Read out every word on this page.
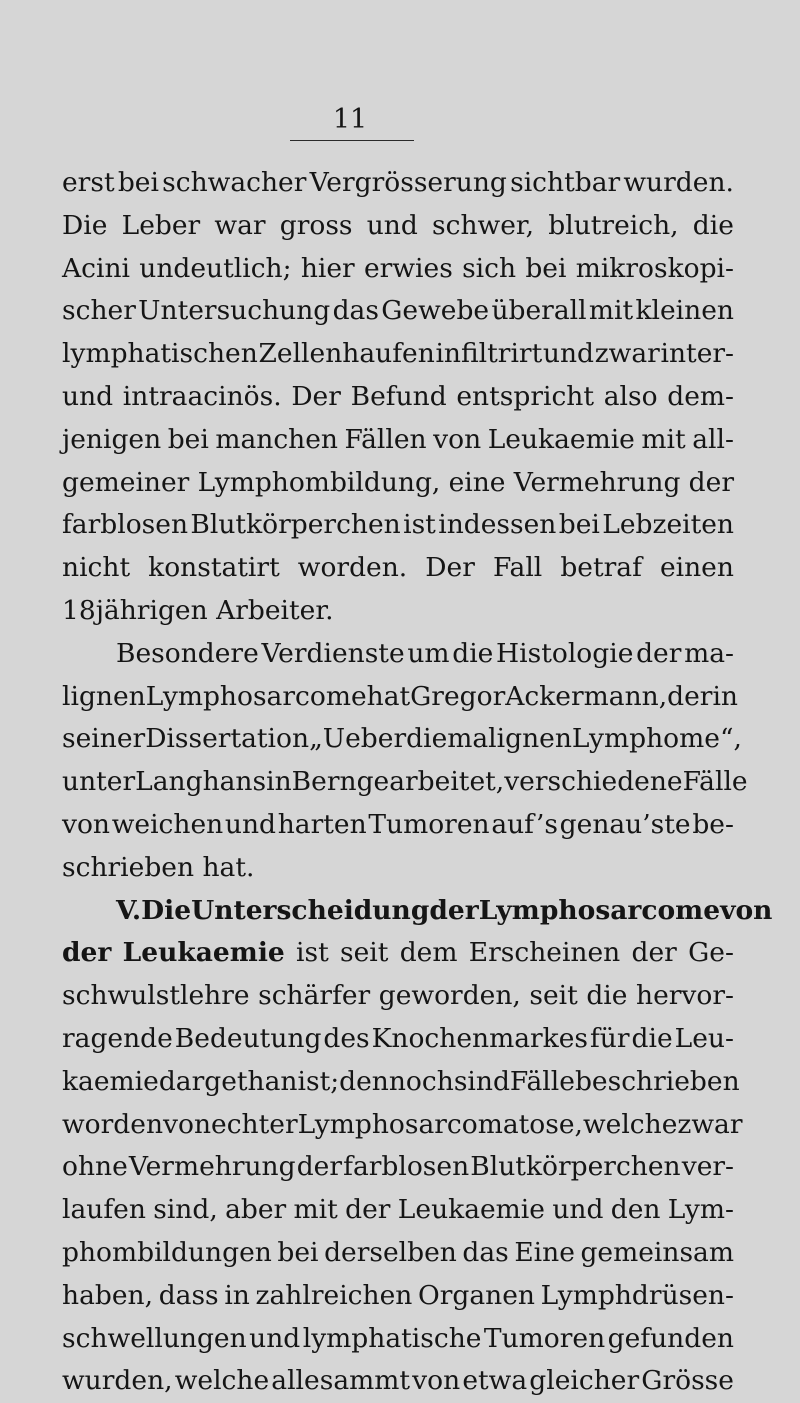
11
erst bei schwacher Vergrösserung sichtbar wurden.
Die Leber war gross und schwer, blutreich, die
Acini undeutlich; hier erwies sich bei mikroskopi-
scher Untersuchung das Gewebe überall mit kleinen
lymphatischen Zellenhaufen infiltrirt und zwar inter-
und intraacinös. Der Befund entspricht also dem-
jenigen bei manchen Fällen von Leukaemie mit all-
gemeiner Lymphombildung, eine Vermehrung der
farblosen Blutkörperchen ist indessen bei Lebzeiten
nicht konstatirt worden. Der Fall betraf einen
18jährigen Arbeiter.
Besondere Verdienste um die Histologie der ma-
lignen Lymphosarcome hat Gregor Ackermann, der in
seiner Dissertation „Ueber die malignen Lymphome“,
unter Langhans in Bern gearbeitet, verschiedene Fälle
von weichen und harten Tumoren auf’s genau’ste be-
schrieben hat.
V. Die Unterscheidung der Lymphosarcome von
der Leukaemie ist seit dem Erscheinen der Ge-
schwulstlehre schärfer geworden, seit die hervor-
ragende Bedeutung des Knochenmarkes für die Leu-
kaemie dargethan ist; dennoch sind Fälle beschrieben
worden von echter Lymphosarcomatose, welche zwar
ohne Vermehrung der farblosen Blutkörperchen ver-
laufen sind, aber mit der Leukaemie und den Lym-
phombildungen bei derselben das Eine gemeinsam
haben, dass in zahlreichen Organen Lymphdrüsen-
schwellungen und lymphatische Tumoren gefunden
wurden, welche allesammt von etwa gleicher Grösse
